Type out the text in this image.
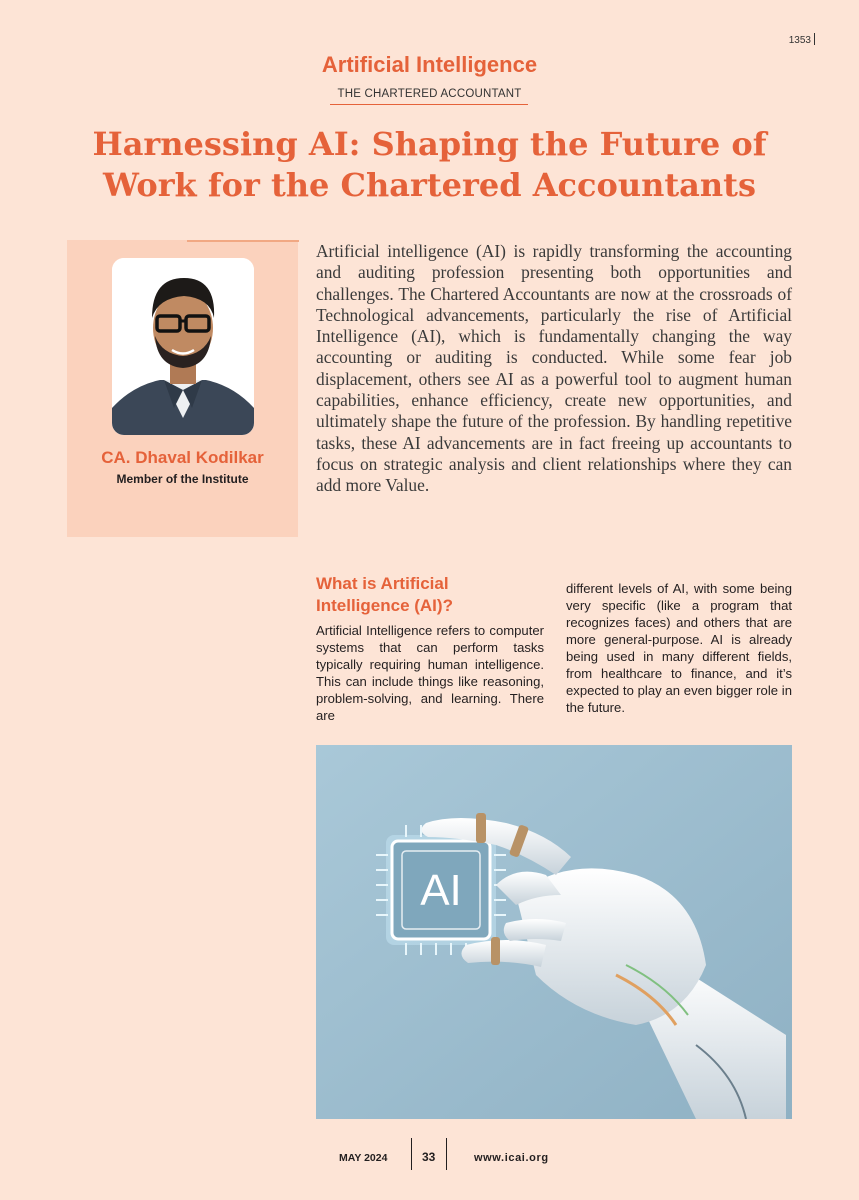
1353
Artificial Intelligence
THE CHARTERED ACCOUNTANT
Harnessing AI: Shaping the Future of Work for the Chartered Accountants
CA. Dhaval Kodilkar
Member of the Institute

Artificial intelligence (AI) is rapidly transforming the accounting and auditing profession presenting both opportunities and challenges. The Chartered Accountants are now at the crossroads of Technological advancements, particularly the rise of Artificial Intelligence (AI), which is fundamentally changing the way accounting or auditing is conducted. While some fear job displacement, others see AI as a powerful tool to augment human capabilities, enhance efficiency, create new opportunities, and ultimately shape the future of the profession. By handling repetitive tasks, these AI advancements are in fact freeing up accountants to focus on strategic analysis and client relationships where they can add more Value.

What is Artificial Intelligence (AI)?

Artificial Intelligence refers to computer systems that can perform tasks typically requiring human intelligence. This can include things like reasoning, problem-solving, and learning. There are

different levels of AI, with some being very specific (like a program that recognizes faces) and others that are more general-purpose. AI is already being used in many different fields, from healthcare to finance, and it’s expected to play an even bigger role in the future.

AI
MAY 2024	33	www.icai.org
